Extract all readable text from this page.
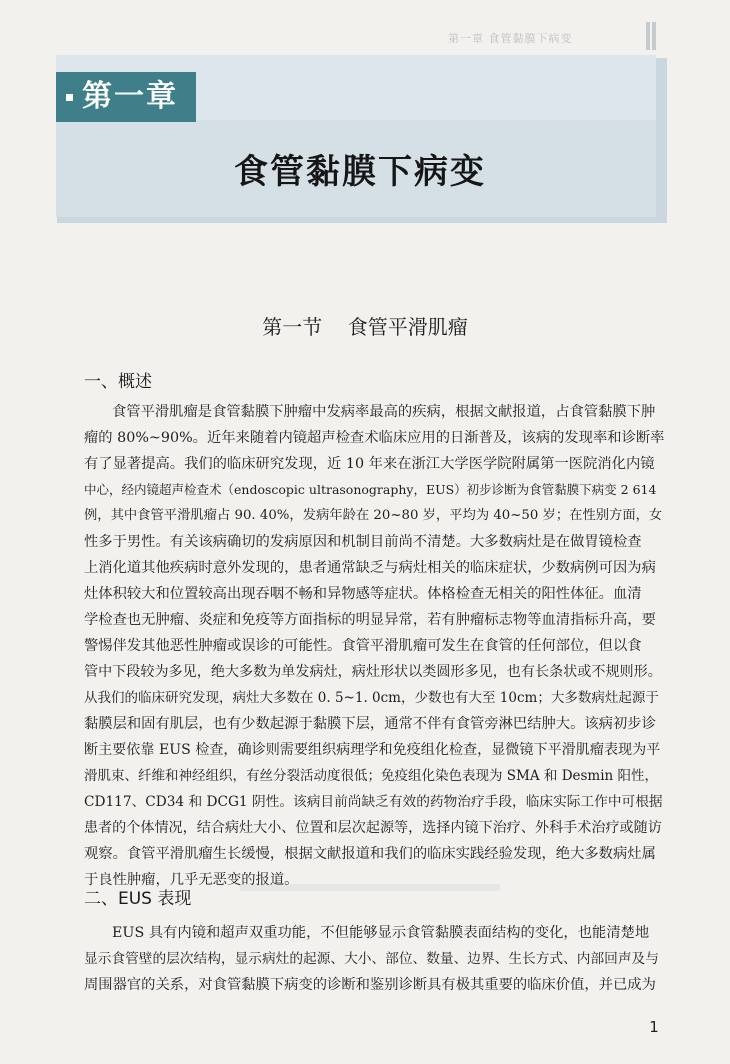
第一章 食管黏膜下病变
第一章
食管黏膜下病变
第一节    食管平滑肌瘤
一、概述
食管平滑肌瘤是食管黏膜下肿瘤中发病率最高的疾病，根据文献报道，占食管黏膜下肿
瘤的 80%~90%。近年来随着内镜超声检查术临床应用的日渐普及，该病的发现率和诊断率
有了显著提高。我们的临床研究发现，近 10 年来在浙江大学医学院附属第一医院消化内镜
中心，经内镜超声检查术（endoscopic ultrasonography，EUS）初步诊断为食管黏膜下病变 2 614
例，其中食管平滑肌瘤占 90. 40%，发病年龄在 20~80 岁，平均为 40~50 岁；在性别方面，女
性多于男性。有关该病确切的发病原因和机制目前尚不清楚。大多数病灶是在做胃镜检查
上消化道其他疾病时意外发现的，患者通常缺乏与病灶相关的临床症状，少数病例可因为病
灶体积较大和位置较高出现吞咽不畅和异物感等症状。体格检查无相关的阳性体征。血清
学检查也无肿瘤、炎症和免疫等方面指标的明显异常，若有肿瘤标志物等血清指标升高，要
警惕伴发其他恶性肿瘤或误诊的可能性。食管平滑肌瘤可发生在食管的任何部位，但以食
管中下段较为多见，绝大多数为单发病灶，病灶形状以类圆形多见，也有长条状或不规则形。
从我们的临床研究发现，病灶大多数在 0. 5~1. 0cm，少数也有大至 10cm；大多数病灶起源于
黏膜层和固有肌层，也有少数起源于黏膜下层，通常不伴有食管旁淋巴结肿大。该病初步诊
断主要依靠 EUS 检查，确诊则需要组织病理学和免疫组化检查，显微镜下平滑肌瘤表现为平
滑肌束、纤维和神经组织，有丝分裂活动度很低；免疫组化染色表现为 SMA 和 Desmin 阳性，
CD117、CD34 和 DCG1 阴性。该病目前尚缺乏有效的药物治疗手段，临床实际工作中可根据
患者的个体情况，结合病灶大小、位置和层次起源等，选择内镜下治疗、外科手术治疗或随访
观察。食管平滑肌瘤生长缓慢，根据文献报道和我们的临床实践经验发现，绝大多数病灶属
于良性肿瘤，几乎无恶变的报道。
二、EUS 表现
EUS 具有内镜和超声双重功能，不但能够显示食管黏膜表面结构的变化，也能清楚地
显示食管壁的层次结构，显示病灶的起源、大小、部位、数量、边界、生长方式、内部回声及与
周围器官的关系，对食管黏膜下病变的诊断和鉴别诊断具有极其重要的临床价值，并已成为
1
